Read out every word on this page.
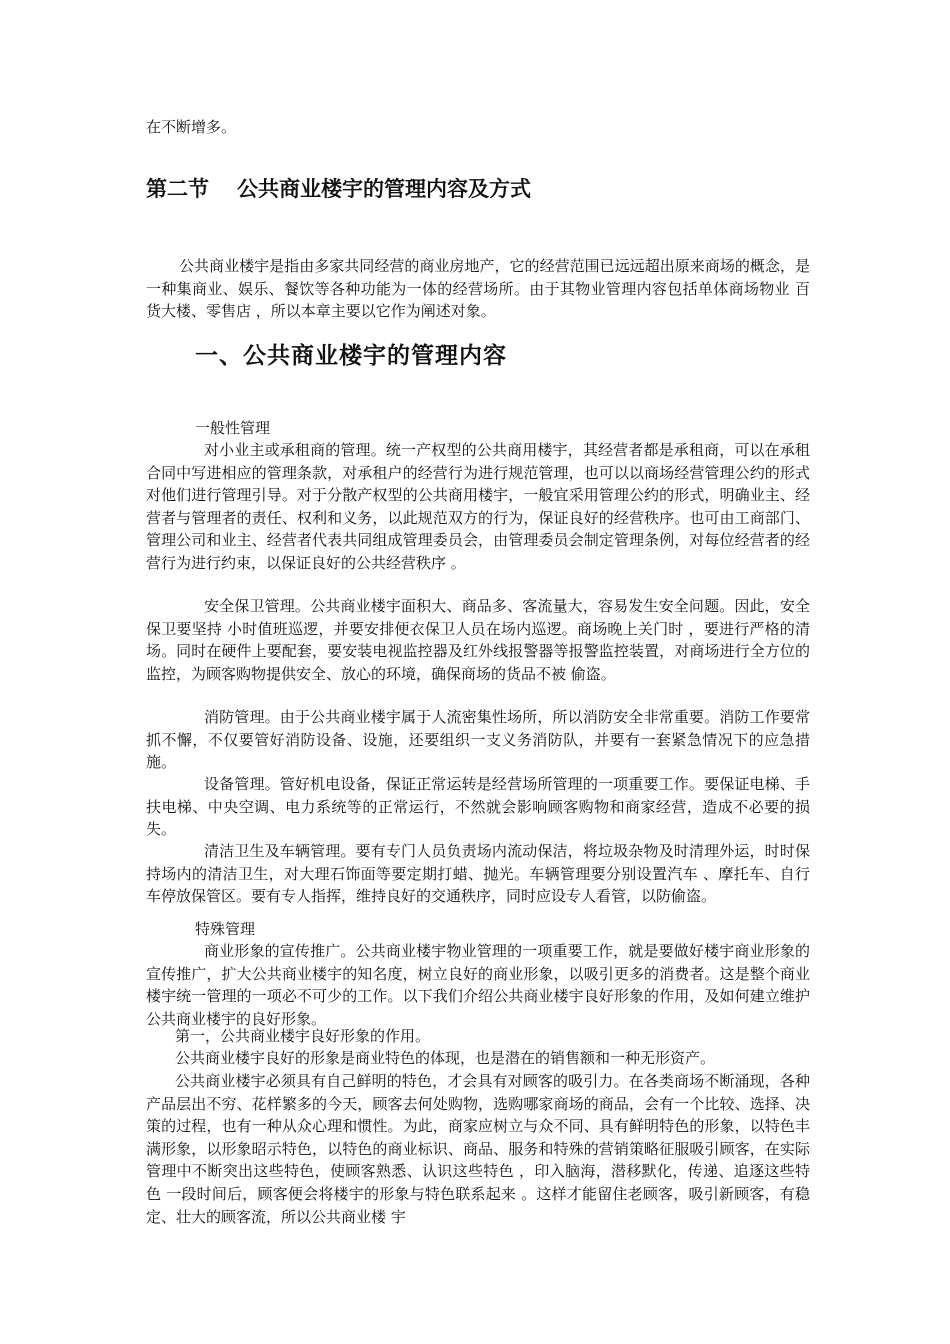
在不断增多。

第二节 公共商业楼宇的管理内容及方式

公共商业楼宇是指由多家共同经营的商业房地产，它的经营范围已远远超出原来商场的概念，是一种集商业、娱乐、餐饮等各种功能为一体的经营场所。由于其物业管理内容包括单体商场物业 百货大楼、零售店 ，所以本章主要以它作为阐述对象。

一、公共商业楼宇的管理内容

一般性管理

对小业主或承租商的管理。统一产权型的公共商用楼宇，其经营者都是承租商，可以在承租合同中写进相应的管理条款，对承租户的经营行为进行规范管理，也可以以商场经营管理公约的形式对他们进行管理引导。对于分散产权型的公共商用楼宇，一般宜采用管理公约的形式，明确业主、经营者与管理者的责任、权利和义务，以此规范双方的行为，保证良好的经营秩序。也可由工商部门、管理公司和业主、经营者代表共同组成管理委员会，由管理委员会制定管理条例，对每位经营者的经营行为进行约束，以保证良好的公共经营秩序 。

安全保卫管理。公共商业楼宇面积大、商品多、客流量大，容易发生安全问题。因此，安全保卫要坚持 小时值班巡逻，并要安排便衣保卫人员在场内巡逻。商场晚上关门时 ，要进行严格的清场。同时在硬件上要配套，要安装电视监控器及红外线报警器等报警监控装置，对商场进行全方位的监控，为顾客购物提供安全、放心的环境，确保商场的货品不被 偷盗。

消防管理。由于公共商业楼宇属于人流密集性场所，所以消防安全非常重要。消防工作要常抓不懈，不仅要管好消防设备、设施，还要组织一支义务消防队，并要有一套紧急情况下的应急措施。

设备管理。管好机电设备，保证正常运转是经营场所管理的一项重要工作。要保证电梯、手扶电梯、中央空调、电力系统等的正常运行，不然就会影响顾客购物和商家经营，造成不必要的损失。

清洁卫生及车辆管理。要有专门人员负责场内流动保洁，将垃圾杂物及时清理外运，时时保持场内的清洁卫生，对大理石饰面等要定期打蜡、抛光。车辆管理要分别设置汽车 、摩托车、自行车停放保管区。要有专人指挥，维持良好的交通秩序，同时应设专人看管，以防偷盗。

特殊管理

商业形象的宣传推广。公共商业楼宇物业管理的一项重要工作，就是要做好楼宇商业形象的宣传推广，扩大公共商业楼宇的知名度，树立良好的商业形象，以吸引更多的消费者。这是整个商业楼宇统一管理的一项必不可少的工作。以下我们介绍公共商业楼宇良好形象的作用，及如何建立维护公共商业楼宇的良好形象。

第一，公共商业楼宇良好形象的作用。

公共商业楼宇良好的形象是商业特色的体现，也是潜在的销售额和一种无形资产。

公共商业楼宇必须具有自己鲜明的特色，才会具有对顾客的吸引力。在各类商场不断涌现，各种产品层出不穷、花样繁多的今天，顾客去何处购物，选购哪家商场的商品，会有一个比较、选择、决策的过程，也有一种从众心理和惯性。为此，商家应树立与众不同、具有鲜明特色的形象，以特色丰满形象，以形象昭示特色，以特色的商业标识、商品、服务和特殊的营销策略征服吸引顾客，在实际管理中不断突出这些特色，使顾客熟悉、认识这些特色 ，印入脑海，潜移默化，传递、追逐这些特色 一段时间后，顾客便会将楼宇的形象与特色联系起来 。这样才能留住老顾客，吸引新顾客，有稳定、壮大的顾客流，所以公共商业楼 宇
